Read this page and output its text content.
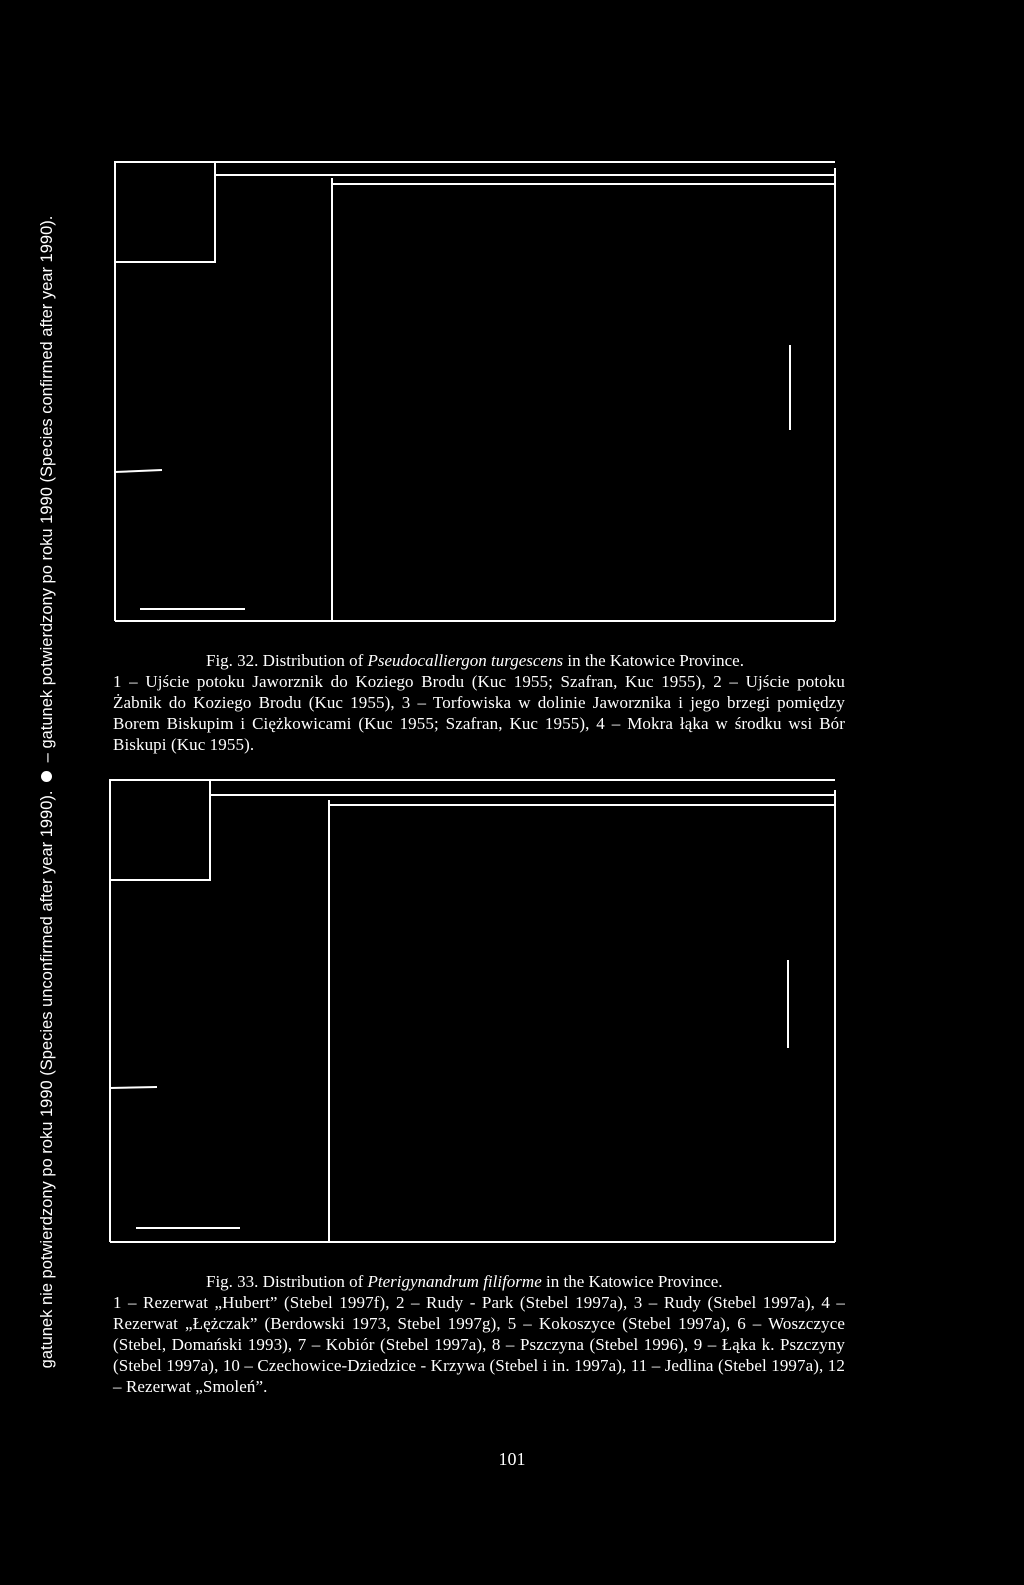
gatunek nie potwierdzony po roku 1990 (Species unconfirmed after year 1990).  – gatunek potwierdzony po roku 1990 (Species confirmed after year 1990).	Fig. 32. Distribution of Pseudocalliergon turgescens in the Katowice Province.
1 – Ujście potoku Jaworznik do Koziego Brodu (Kuc 1955; Szafran, Kuc 1955), 2 – Ujście potoku Żabnik do Koziego Brodu (Kuc 1955), 3 – Torfowiska w dolinie Jaworznika i jego brzegi pomiędzy Borem Biskupim i Ciężkowicami (Kuc 1955; Szafran, Kuc 1955), 4 – Mokra łąka w środku wsi Bór Biskupi (Kuc 1955).
Fig. 33. Distribution of Pterigynandrum filiforme in the Katowice Province.
1 – Rezerwat „Hubert” (Stebel 1997f), 2 – Rudy - Park (Stebel 1997a), 3 – Rudy (Stebel 1997a), 4 – Rezerwat „Łężczak” (Berdowski 1973, Stebel 1997g), 5 – Kokoszyce (Stebel 1997a), 6 – Woszczyce (Stebel, Domański 1993), 7 – Kobiór (Stebel 1997a), 8 – Pszczyna (Stebel 1996), 9 – Łąka k. Pszczyny (Stebel 1997a), 10 – Czechowice-Dziedzice - Krzywa (Stebel i in. 1997a), 11 – Jedlina (Stebel 1997a), 12 – Rezerwat „Smoleń”.
101
